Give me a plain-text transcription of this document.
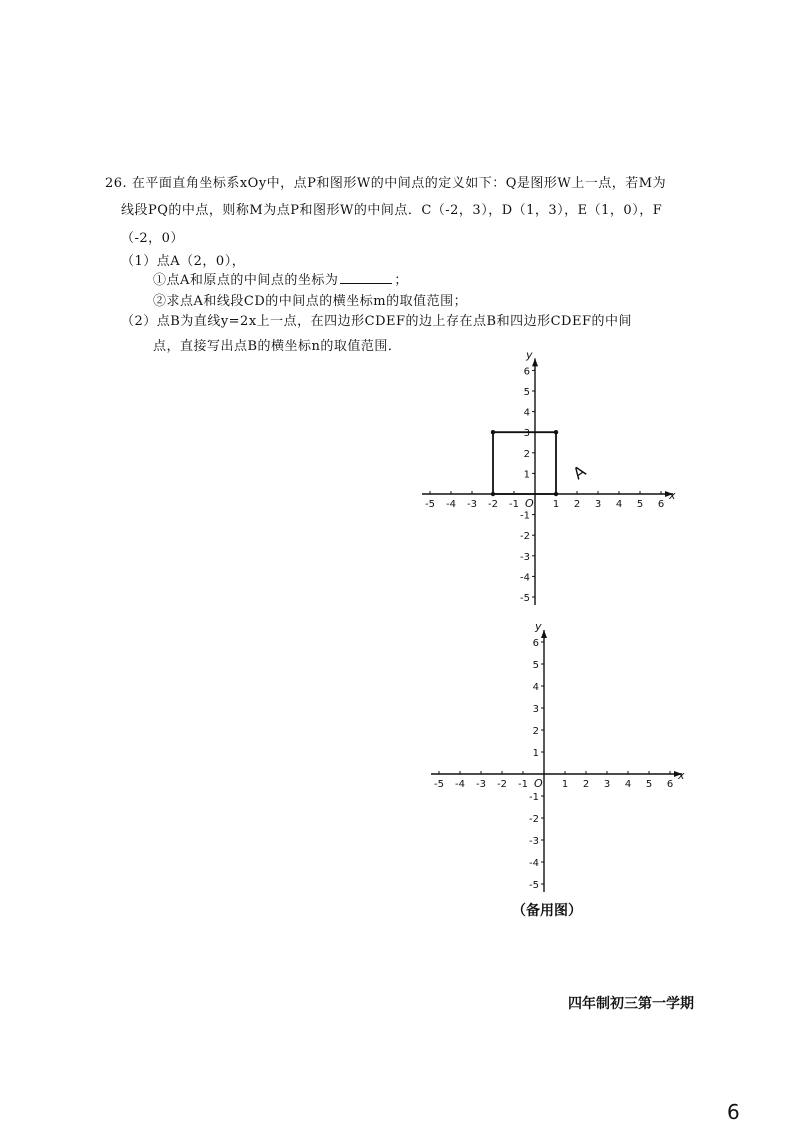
26. 在平面直角坐标系xOy中，点P和图形W的中间点的定义如下：Q是图形W上一点，若M为
线段PQ的中点，则称M为点P和图形W的中间点．C（-2，3），D（1，3），E（1，0），F
（-2，0）
（1）点A（2，0），
①点A和原点的中间点的坐标为	；
②求点A和线段CD的中间点的横坐标m的取值范围；
（2）点B为直线y=2x上一点，在四边形CDEF的边上存在点B和四边形CDEF的中间
点，直接写出点B的横坐标n的取值范围．
x
y
O
-5 -4 -3 -2 -1	1 2 3 4 5 6
6
5
4
3
2
1
-1
-2
-3
-4
-5
A
x
y
O
-5 -4 -3 -2 -1	1 2 3 4 5 6
6
5
4
3
2
1
-1
-2
-3
-4
-5
（备用图）
四年制初三第一学期
6
